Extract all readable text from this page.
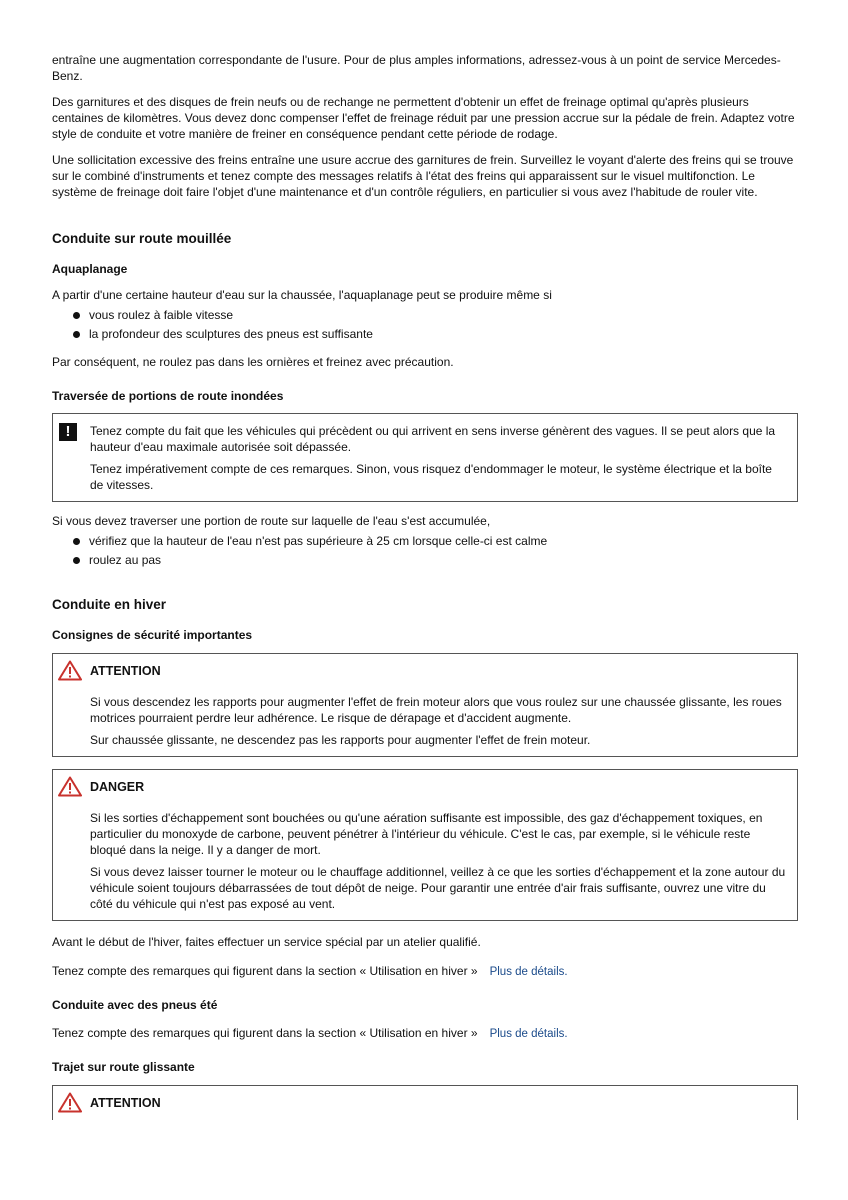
entraîne une augmentation correspondante de l'usure. Pour de plus amples informations, adressez-vous à un point de service Mercedes-Benz.

Des garnitures et des disques de frein neufs ou de rechange ne permettent d'obtenir un effet de freinage optimal qu'après plusieurs centaines de kilomètres. Vous devez donc compenser l'effet de freinage réduit par une pression accrue sur la pédale de frein. Adaptez votre style de conduite et votre manière de freiner en conséquence pendant cette période de rodage.

Une sollicitation excessive des freins entraîne une usure accrue des garnitures de frein. Surveillez le voyant d'alerte des freins qui se trouve sur le combiné d'instruments et tenez compte des messages relatifs à l'état des freins qui apparaissent sur le visuel multifonction. Le système de freinage doit faire l'objet d'une maintenance et d'un contrôle réguliers, en particulier si vous avez l'habitude de rouler vite.

Conduite sur route mouillée
Aquaplanage

A partir d'une certaine hauteur d'eau sur la chaussée, l'aquaplanage peut se produire même si

vous roulez à faible vitesse
la profondeur des sculptures des pneus est suffisante

Par conséquent, ne roulez pas dans les ornières et freinez avec précaution.

Traversée de portions de route inondées
!	Tenez compte du fait que les véhicules qui précèdent ou qui arrivent en sens inverse génèrent des vagues. Il se peut alors que la hauteur d'eau maximale autorisée soit dépassée.

Tenez impérativement compte de ces remarques. Sinon, vous risquez d'endommager le moteur, le système électrique et la boîte de vitesses.

Si vous devez traverser une portion de route sur laquelle de l'eau s'est accumulée,

vérifiez que la hauteur de l'eau n'est pas supérieure à 25 cm lorsque celle-ci est calme
roulez au pas
Conduite en hiver
Consignes de sécurité importantes
ATTENTION

Si vous descendez les rapports pour augmenter l'effet de frein moteur alors que vous roulez sur une chaussée glissante, les roues motrices pourraient perdre leur adhérence. Le risque de dérapage et d'accident augmente.

Sur chaussée glissante, ne descendez pas les rapports pour augmenter l'effet de frein moteur.

DANGER

Si les sorties d'échappement sont bouchées ou qu'une aération suffisante est impossible, des gaz d'échappement toxiques, en particulier du monoxyde de carbone, peuvent pénétrer à l'intérieur du véhicule. C'est le cas, par exemple, si le véhicule reste bloqué dans la neige. Il y a danger de mort.

Si vous devez laisser tourner le moteur ou le chauffage additionnel, veillez à ce que les sorties d'échappement et la zone autour du véhicule soient toujours débarrassées de tout dépôt de neige. Pour garantir une entrée d'air frais suffisante, ouvrez une vitre du côté du véhicule qui n'est pas exposé au vent.

Avant le début de l'hiver, faites effectuer un service spécial par un atelier qualifié.

Tenez compte des remarques qui figurent dans la section « Utilisation en hiver » Plus de détails.

Conduite avec des pneus été

Tenez compte des remarques qui figurent dans la section « Utilisation en hiver » Plus de détails.

Trajet sur route glissante
ATTENTION
